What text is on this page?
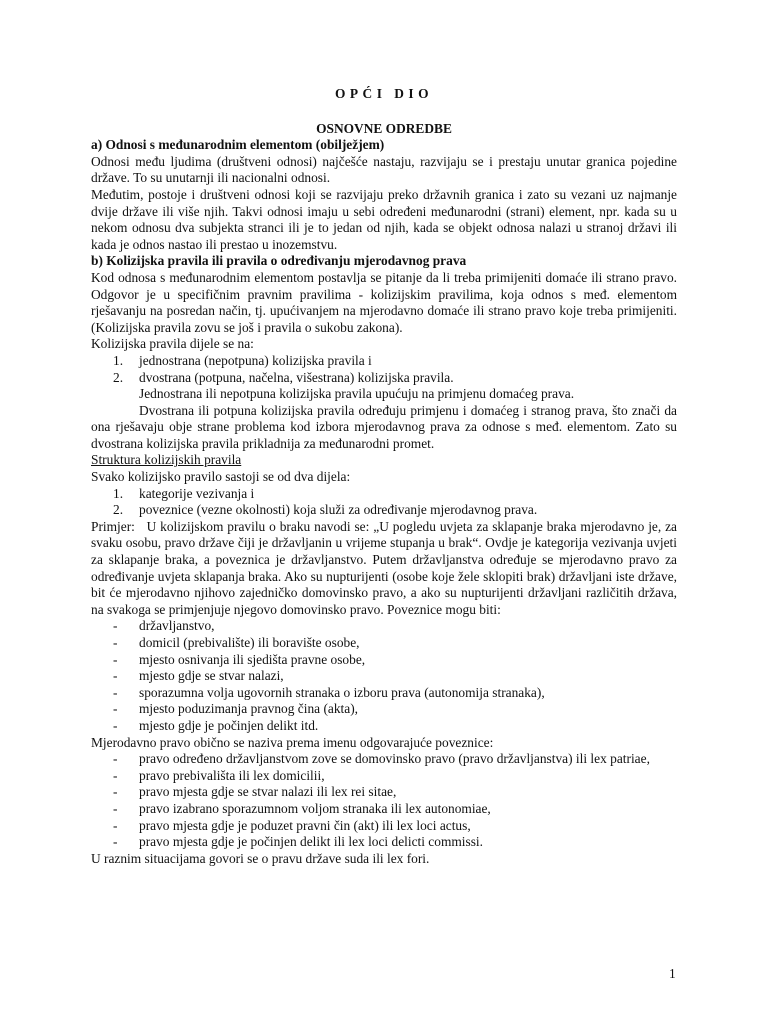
OPĆI DIO

OSNOVNE ODREDBE

a) Odnosi s međunarodnim elementom (obilježjem)

Odnosi među ljudima (društveni odnosi) najčešće nastaju, razvijaju se i prestaju unutar granica pojedine države. To su unutarnji ili nacionalni odnosi.

Međutim, postoje i društveni odnosi koji se razvijaju preko državnih granica i zato su vezani uz najmanje dvije države ili više njih. Takvi odnosi imaju u sebi određeni međunarodni (strani) element, npr. kada su u nekom odnosu dva subjekta stranci ili je to jedan od njih, kada se objekt odnosa nalazi u stranoj državi ili kada je odnos nastao ili prestao u inozemstvu.

b) Kolizijska pravila ili pravila o određivanju mjerodavnog prava

Kod odnosa s međunarodnim elementom postavlja se pitanje da li treba primijeniti domaće ili strano pravo. Odgovor je u specifičnim pravnim pravilima - kolizijskim pravilima, koja odnos s međ. elementom rješavanju na posredan način, tj. upućivanjem na mjerodavno domaće ili strano pravo koje treba primijeniti. (Kolizijska pravila zovu se još i pravila o sukobu zakona).

Kolizijska pravila dijele se na:

1.	jednostrana (nepotpuna) kolizijska pravila i
2.	dvostrana (potpuna, načelna, višestrana) kolizijska pravila.

Jednostrana ili nepotpuna kolizijska pravila upućuju na primjenu domaćeg prava.

Dvostrana ili potpuna kolizijska pravila određuju primjenu i domaćeg i stranog prava, što znači da ona rješavaju obje strane problema kod izbora mjerodavnog prava za odnose s međ. elementom. Zato su dvostrana kolizijska pravila prikladnija za međunarodni promet.

Struktura kolizijskih pravila

Svako kolizijsko pravilo sastoji se od dva dijela:

1.	kategorije vezivanja i
2.	poveznice (vezne okolnosti) koja služi za određivanje mjerodavnog prava.

Primjer:   U kolizijskom pravilu o braku navodi se: „U pogledu uvjeta za sklapanje braka mjerodavno je, za svaku osobu, pravo države čiji je državljanin u vrijeme stupanja u brak“. Ovdje je kategorija vezivanja uvjeti za sklapanje braka, a poveznica je državljanstvo. Putem državljanstva određuje se mjerodavno pravo za određivanje uvjeta sklapanja braka. Ako su nupturijenti (osobe koje žele sklopiti brak) državljani iste države, bit će mjerodavno njihovo zajedničko domovinsko pravo, a ako su nupturijenti državljani različitih država, na svakoga se primjenjuje njegovo domovinsko pravo. Poveznice mogu biti:

-	državljanstvo,
-	domicil (prebivalište) ili boravište osobe,
-	mjesto osnivanja ili sjedišta pravne osobe,
-	mjesto gdje se stvar nalazi,
-	sporazumna volja ugovornih stranaka o izboru prava (autonomija stranaka),
-	mjesto poduzimanja pravnog čina (akta),
-	mjesto gdje je počinjen delikt itd.

Mjerodavno pravo obično se naziva prema imenu odgovarajuće poveznice:

-	pravo određeno državljanstvom zove se domovinsko pravo (pravo državljanstva) ili lex patriae,
-	pravo prebivališta ili lex domicilii,
-	pravo mjesta gdje se stvar nalazi ili lex rei sitae,
-	pravo izabrano sporazumnom voljom stranaka ili lex autonomiae,
-	pravo mjesta gdje je poduzet pravni čin (akt) ili lex loci actus,
-	pravo mjesta gdje je počinjen delikt ili lex loci delicti commissi.

U raznim situacijama govori se o pravu države suda ili lex fori.

1
